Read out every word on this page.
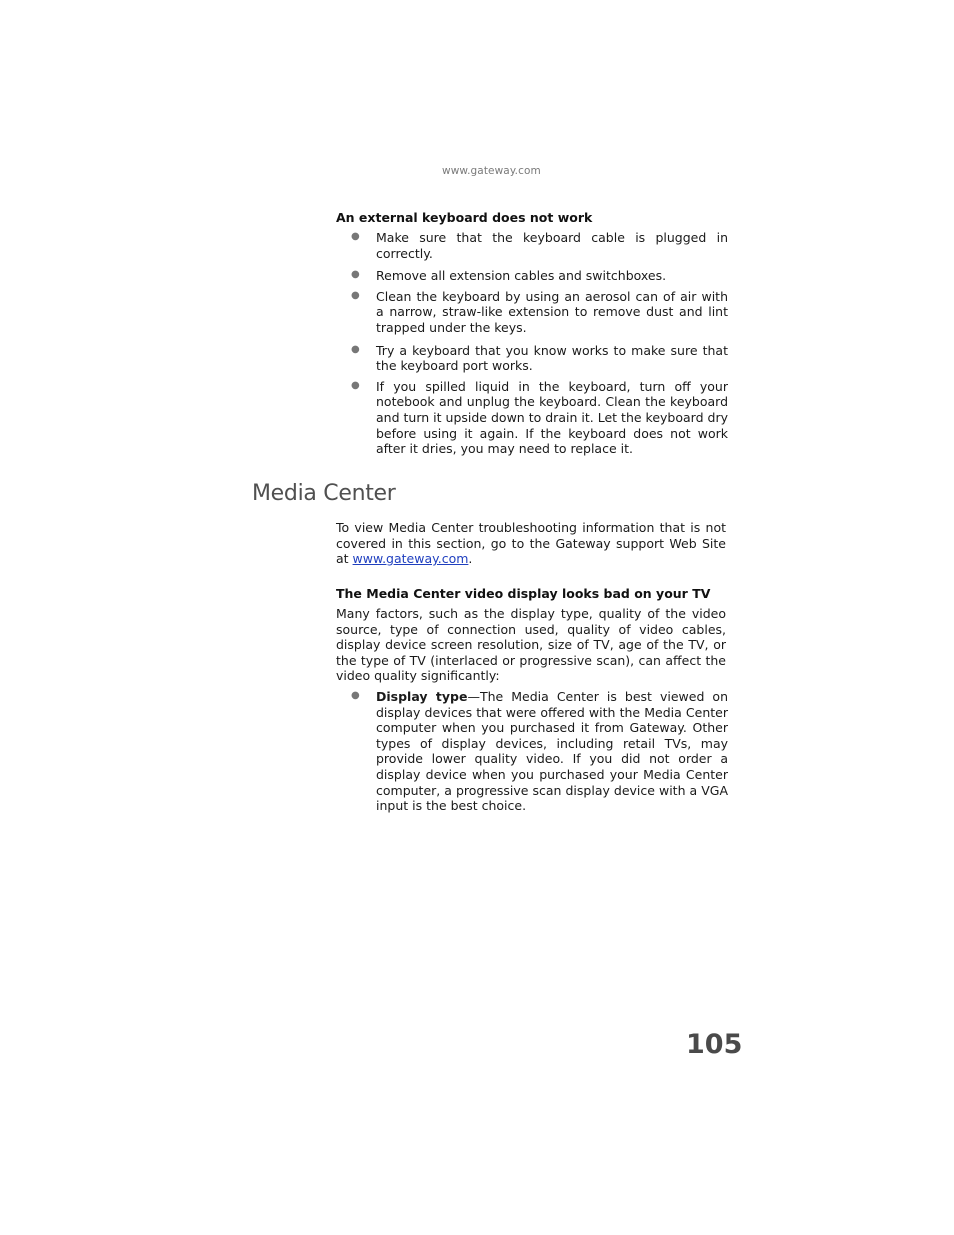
www.gateway.com
An external keyboard does not work
● Make sure that the keyboard cable is plugged in correctly.
● Remove all extension cables and switchboxes.
● Clean the keyboard by using an aerosol can of air with a narrow, straw-like extension to remove dust and lint trapped under the keys.
● Try a keyboard that you know works to make sure that the keyboard port works.
● If you spilled liquid in the keyboard, turn off your notebook and unplug the keyboard. Clean the keyboard and turn it upside down to drain it. Let the keyboard dry before using it again. If the keyboard does not work after it dries, you may need to replace it.
Media Center

To view Media Center troubleshooting information that is not covered in this section, go to the Gateway support Web Site at www.gateway.com.

The Media Center video display looks bad on your TV

Many factors, such as the display type, quality of the video source, type of connection used, quality of video cables, display device screen resolution, size of TV, age of the TV, or the type of TV (interlaced or progressive scan), can affect the video quality significantly:

● Display type—The Media Center is best viewed on display devices that were offered with the Media Center computer when you purchased it from Gateway. Other types of display devices, including retail TVs, may provide lower quality video. If you did not order a display device when you purchased your Media Center computer, a progressive scan display device with a VGA input is the best choice.
105
